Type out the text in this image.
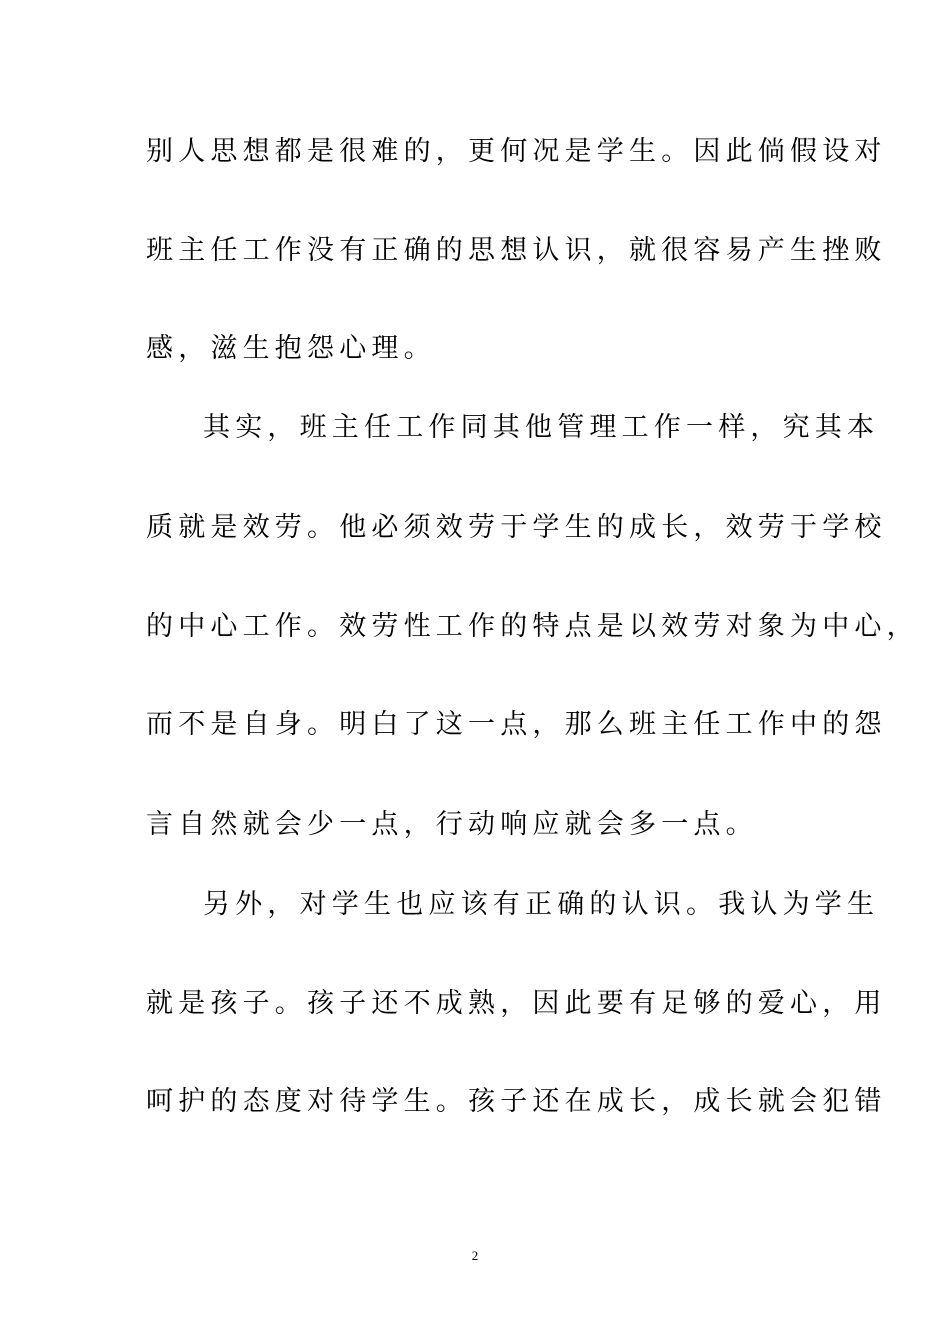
别人思想都是很难的，更何况是学生。因此倘假设对
班主任工作没有正确的思想认识，就很容易产生挫败
感，滋生抱怨心理。
其实，班主任工作同其他管理工作一样，究其本
质就是效劳。他必须效劳于学生的成长，效劳于学校
的中心工作。效劳性工作的特点是以效劳对象为中心，
而不是自身。明白了这一点，那么班主任工作中的怨
言自然就会少一点，行动响应就会多一点。
另外，对学生也应该有正确的认识。我认为学生
就是孩子。孩子还不成熟，因此要有足够的爱心，用
呵护的态度对待学生。孩子还在成长，成长就会犯错
2
